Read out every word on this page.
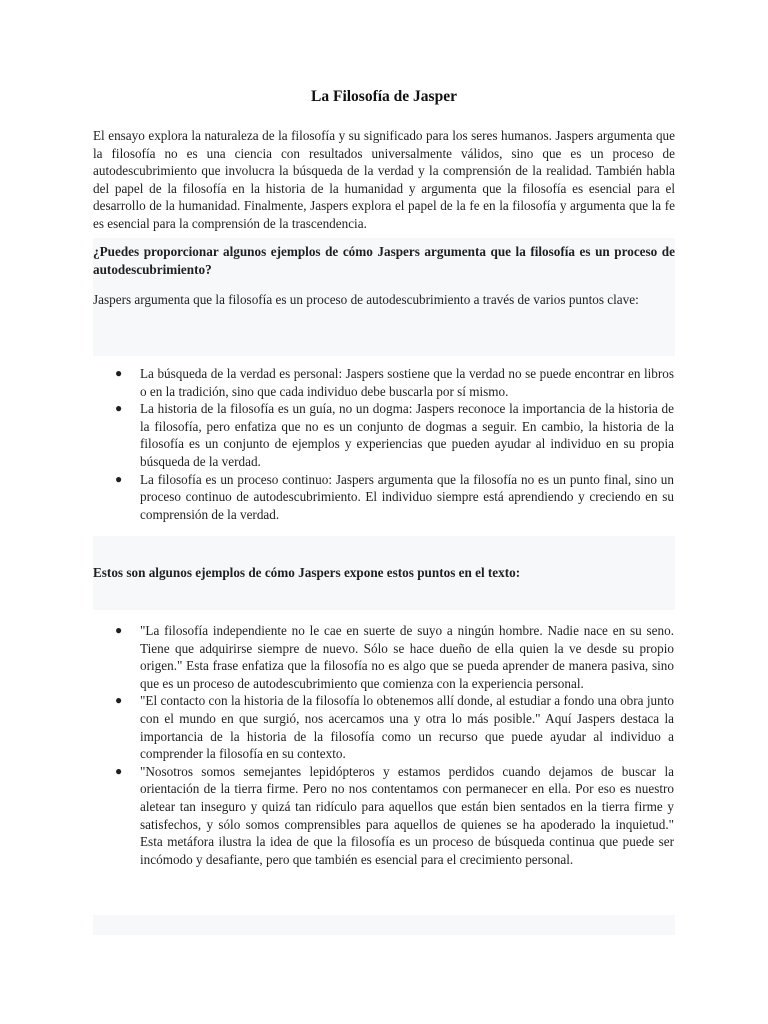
La Filosofía de Jasper

El ensayo explora la naturaleza de la filosofía y su significado para los seres humanos. Jaspers argumenta que la filosofía no es una ciencia con resultados universalmente válidos, sino que es un proceso de autodescubrimiento que involucra la búsqueda de la verdad y la comprensión de la realidad. También habla del papel de la filosofía en la historia de la humanidad y argumenta que la filosofía es esencial para el desarrollo de la humanidad. Finalmente, Jaspers explora el papel de la fe en la filosofía y argumenta que la fe es esencial para la comprensión de la trascendencia.

¿Puedes proporcionar algunos ejemplos de cómo Jaspers argumenta que la filosofía es un proceso de autodescubrimiento?

Jaspers argumenta que la filosofía es un proceso de autodescubrimiento a través de varios puntos clave:

● La búsqueda de la verdad es personal: Jaspers sostiene que la verdad no se puede encontrar en libros o en la tradición, sino que cada individuo debe buscarla por sí mismo.
● La historia de la filosofía es un guía, no un dogma: Jaspers reconoce la importancia de la historia de la filosofía, pero enfatiza que no es un conjunto de dogmas a seguir. En cambio, la historia de la filosofía es un conjunto de ejemplos y experiencias que pueden ayudar al individuo en su propia búsqueda de la verdad.
● La filosofía es un proceso continuo: Jaspers argumenta que la filosofía no es un punto final, sino un proceso continuo de autodescubrimiento. El individuo siempre está aprendiendo y creciendo en su comprensión de la verdad.

Estos son algunos ejemplos de cómo Jaspers expone estos puntos en el texto:

● "La filosofía independiente no le cae en suerte de suyo a ningún hombre. Nadie nace en su seno. Tiene que adquirirse siempre de nuevo. Sólo se hace dueño de ella quien la ve desde su propio origen." Esta frase enfatiza que la filosofía no es algo que se pueda aprender de manera pasiva, sino que es un proceso de autodescubrimiento que comienza con la experiencia personal.
● "El contacto con la historia de la filosofía lo obtenemos allí donde, al estudiar a fondo una obra junto con el mundo en que surgió, nos acercamos una y otra lo más posible." Aquí Jaspers destaca la importancia de la historia de la filosofía como un recurso que puede ayudar al individuo a comprender la filosofía en su contexto.
● "Nosotros somos semejantes lepidópteros y estamos perdidos cuando dejamos de buscar la orientación de la tierra firme. Pero no nos contentamos con permanecer en ella. Por eso es nuestro aletear tan inseguro y quizá tan ridículo para aquellos que están bien sentados en la tierra firme y satisfechos, y sólo somos comprensibles para aquellos de quienes se ha apoderado la inquietud." Esta metáfora ilustra la idea de que la filosofía es un proceso de búsqueda continua que puede ser incómodo y desafiante, pero que también es esencial para el crecimiento personal.
